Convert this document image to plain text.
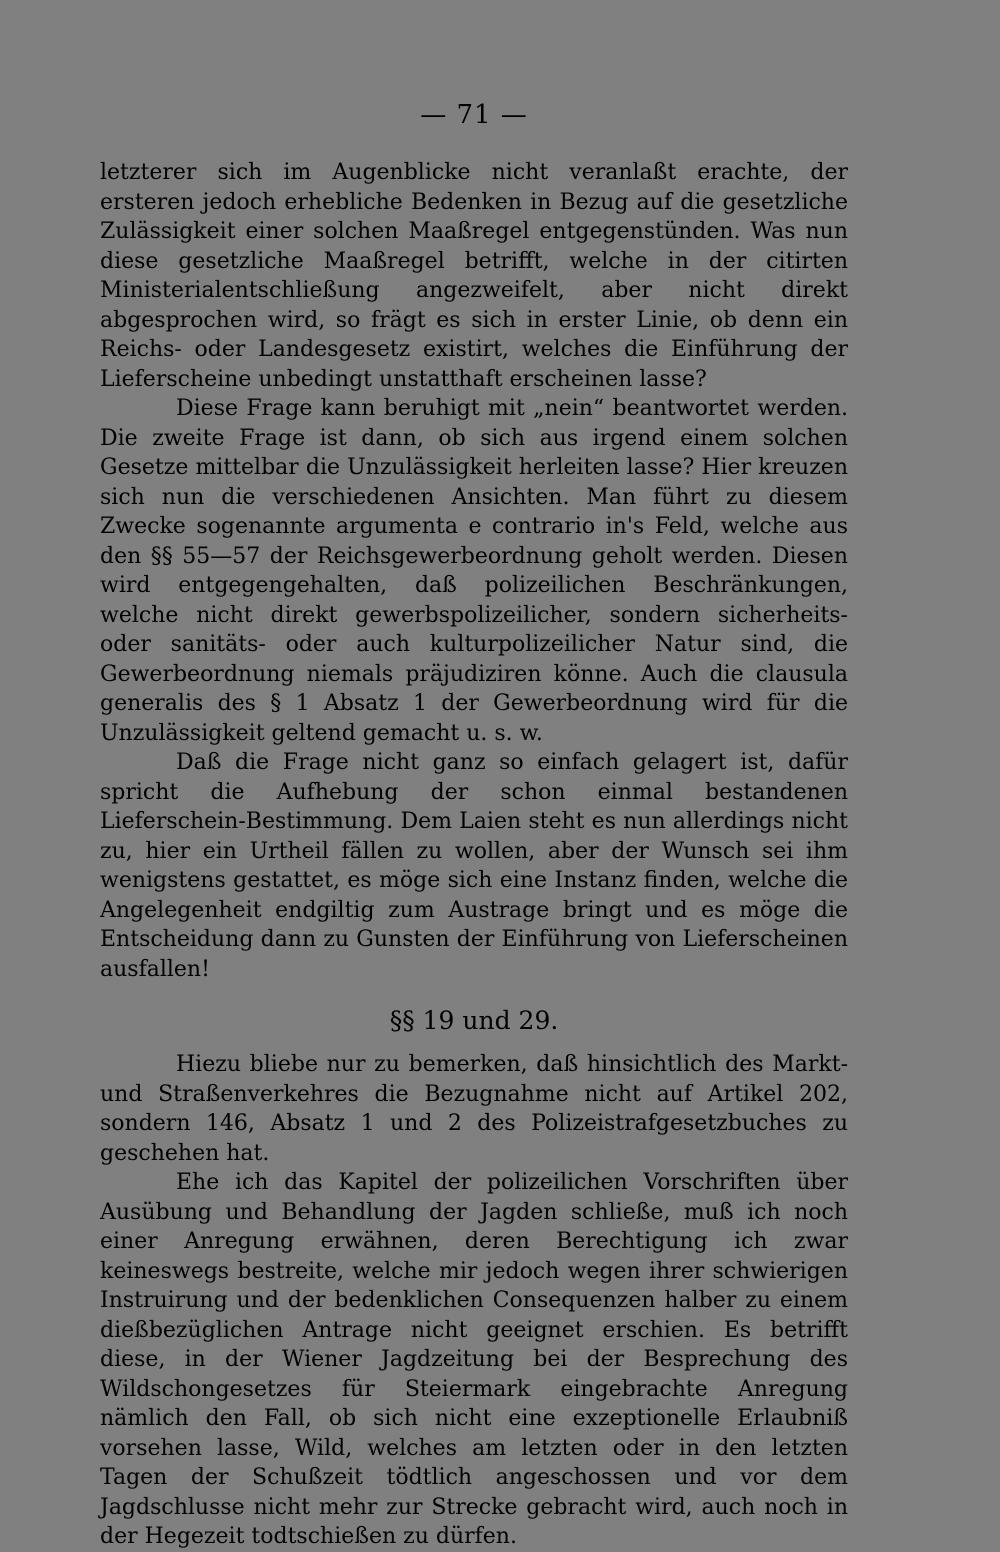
— 71 —

letzterer sich im Augenblicke nicht veranlaßt erachte, der ersteren jedoch erhebliche Bedenken in Bezug auf die gesetzliche Zulässigkeit einer solchen Maaßregel entgegenstünden. Was nun diese gesetzliche Maaßregel betrifft, welche in der citirten Ministerialentschließung angezweifelt, aber nicht direkt abgesprochen wird, so frägt es sich in erster Linie, ob denn ein Reichs- oder Landesgesetz existirt, welches die Einführung der Lieferscheine unbedingt unstatthaft erscheinen lasse?

Diese Frage kann beruhigt mit „nein“ beantwortet werden. Die zweite Frage ist dann, ob sich aus irgend einem solchen Gesetze mittelbar die Unzulässigkeit herleiten lasse? Hier kreuzen sich nun die verschiedenen Ansichten. Man führt zu diesem Zwecke sogenannte argumenta e contrario in's Feld, welche aus den §§ 55—57 der Reichsgewerbeordnung geholt werden. Diesen wird entgegengehalten, daß polizeilichen Beschränkungen, welche nicht direkt gewerbspolizeilicher, sondern sicherheits- oder sanitäts- oder auch kulturpolizeilicher Natur sind, die Gewerbeordnung niemals präjudiziren könne. Auch die clausula generalis des § 1 Absatz 1 der Gewerbeordnung wird für die Unzulässigkeit geltend gemacht u. s. w.

Daß die Frage nicht ganz so einfach gelagert ist, dafür spricht die Aufhebung der schon einmal bestandenen Lieferschein-Bestimmung. Dem Laien steht es nun allerdings nicht zu, hier ein Urtheil fällen zu wollen, aber der Wunsch sei ihm wenigstens gestattet, es möge sich eine Instanz finden, welche die Angelegenheit endgiltig zum Austrage bringt und es möge die Entscheidung dann zu Gunsten der Einführung von Lieferscheinen ausfallen!

§§ 19 und 29.

Hiezu bliebe nur zu bemerken, daß hinsichtlich des Markt- und Straßenverkehres die Bezugnahme nicht auf Artikel 202, sondern 146, Absatz 1 und 2 des Polizeistrafgesetzbuches zu geschehen hat.

Ehe ich das Kapitel der polizeilichen Vorschriften über Ausübung und Behandlung der Jagden schließe, muß ich noch einer Anregung erwähnen, deren Berechtigung ich zwar keineswegs bestreite, welche mir jedoch wegen ihrer schwierigen Instruirung und der bedenklichen Consequenzen halber zu einem dießbezüglichen Antrage nicht geeignet erschien. Es betrifft diese, in der Wiener Jagdzeitung bei der Besprechung des Wildschongesetzes für Steiermark eingebrachte Anregung nämlich den Fall, ob sich nicht eine exzeptionelle Erlaubniß vorsehen lasse, Wild, welches am letzten oder in den letzten Tagen der Schußzeit tödtlich angeschossen und vor dem Jagdschlusse nicht mehr zur Strecke gebracht wird, auch noch in der Hegezeit todtschießen zu dürfen.
